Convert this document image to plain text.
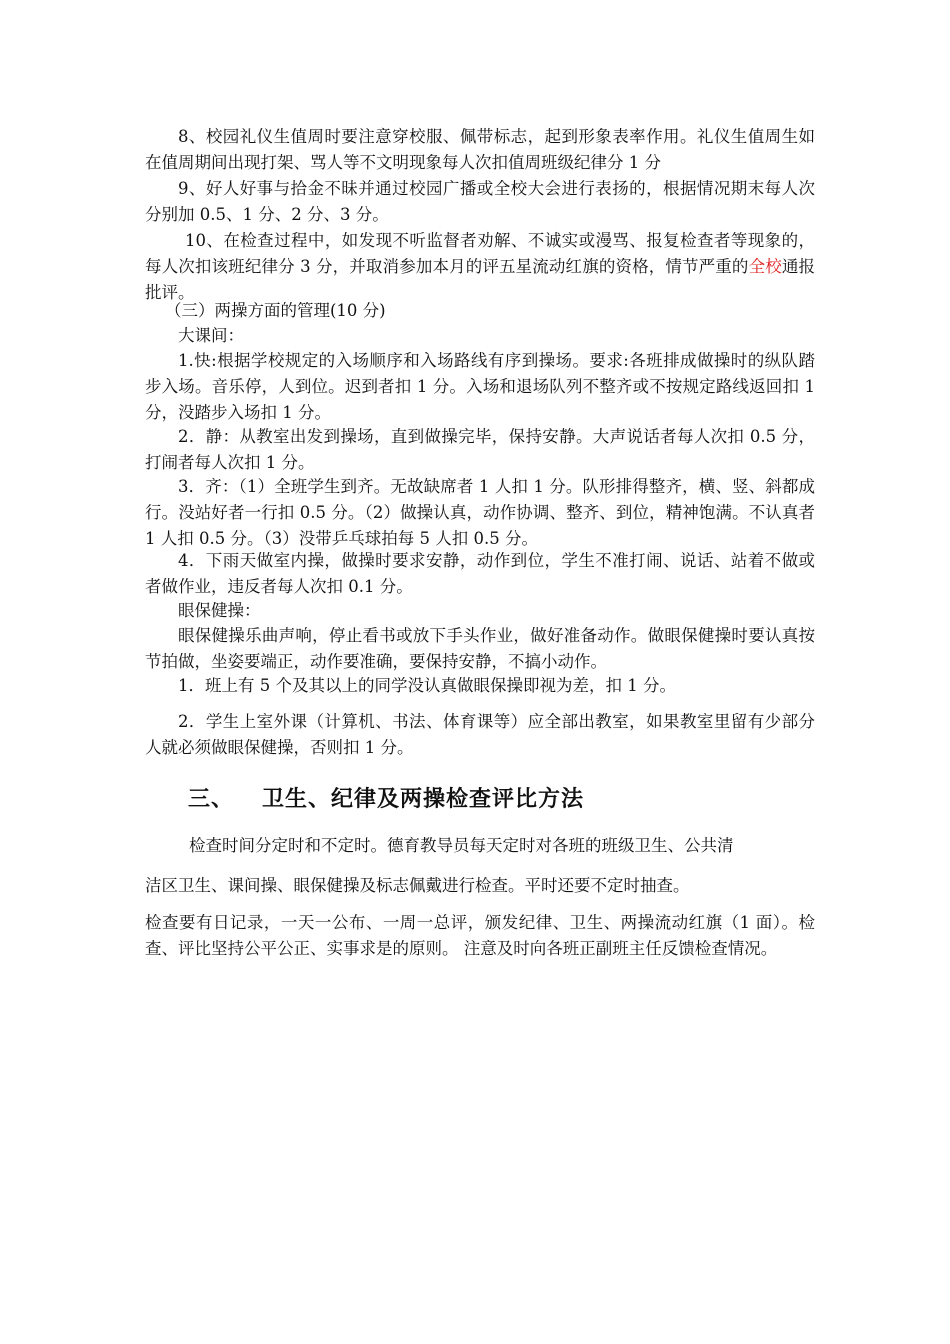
8、校园礼仪生值周时要注意穿校服、佩带标志，起到形象表率作用。礼仪生值周生如在值周期间出现打架、骂人等不文明现象每人次扣值周班级纪律分 1 分

9、好人好事与拾金不昧并通过校园广播或全校大会进行表扬的，根据情况期末每人次分别加 0.5、1 分、2 分、3 分。

10、在检查过程中，如发现不听监督者劝解、不诚实或漫骂、报复检查者等现象的，每人次扣该班纪律分 3 分，并取消参加本月的评五星流动红旗的资格，情节严重的全校通报批评。

（三）两操方面的管理(10 分)

大课间：

1.快:根据学校规定的入场顺序和入场路线有序到操场。要求:各班排成做操时的纵队踏步入场。音乐停，人到位。迟到者扣 1 分。入场和退场队列不整齐或不按规定路线返回扣 1 分，没踏步入场扣 1 分。

2．静：从教室出发到操场，直到做操完毕，保持安静。大声说话者每人次扣 0.5 分，打闹者每人次扣 1 分。

3．齐：（1）全班学生到齐。无故缺席者 1 人扣 1 分。队形排得整齐，横、竖、斜都成行。没站好者一行扣 0.5 分。（2）做操认真，动作协调、整齐、到位，精神饱满。不认真者 1 人扣 0.5 分。（3）没带乒乓球拍每 5 人扣 0.5 分。

4．下雨天做室内操，做操时要求安静，动作到位，学生不准打闹、说话、站着不做或者做作业，违反者每人次扣 0.1 分。

眼保健操：

眼保健操乐曲声响，停止看书或放下手头作业，做好准备动作。做眼保健操时要认真按节拍做，坐姿要端正，动作要准确，要保持安静，不搞小动作。

1．班上有 5 个及其以上的同学没认真做眼保操即视为差，扣 1 分。

2．学生上室外课（计算机、书法、体育课等）应全部出教室，如果教室里留有少部分人就必须做眼保健操，否则扣 1 分。

三、 卫生、纪律及两操检查评比方法

检查时间分定时和不定时。德育教导员每天定时对各班的班级卫生、公共清

洁区卫生、课间操、眼保健操及标志佩戴进行检查。平时还要不定时抽查。

检查要有日记录，一天一公布、一周一总评，颁发纪律、卫生、两操流动红旗（1 面）。检查、评比坚持公平公正、实事求是的原则。 注意及时向各班正副班主任反馈检查情况。
